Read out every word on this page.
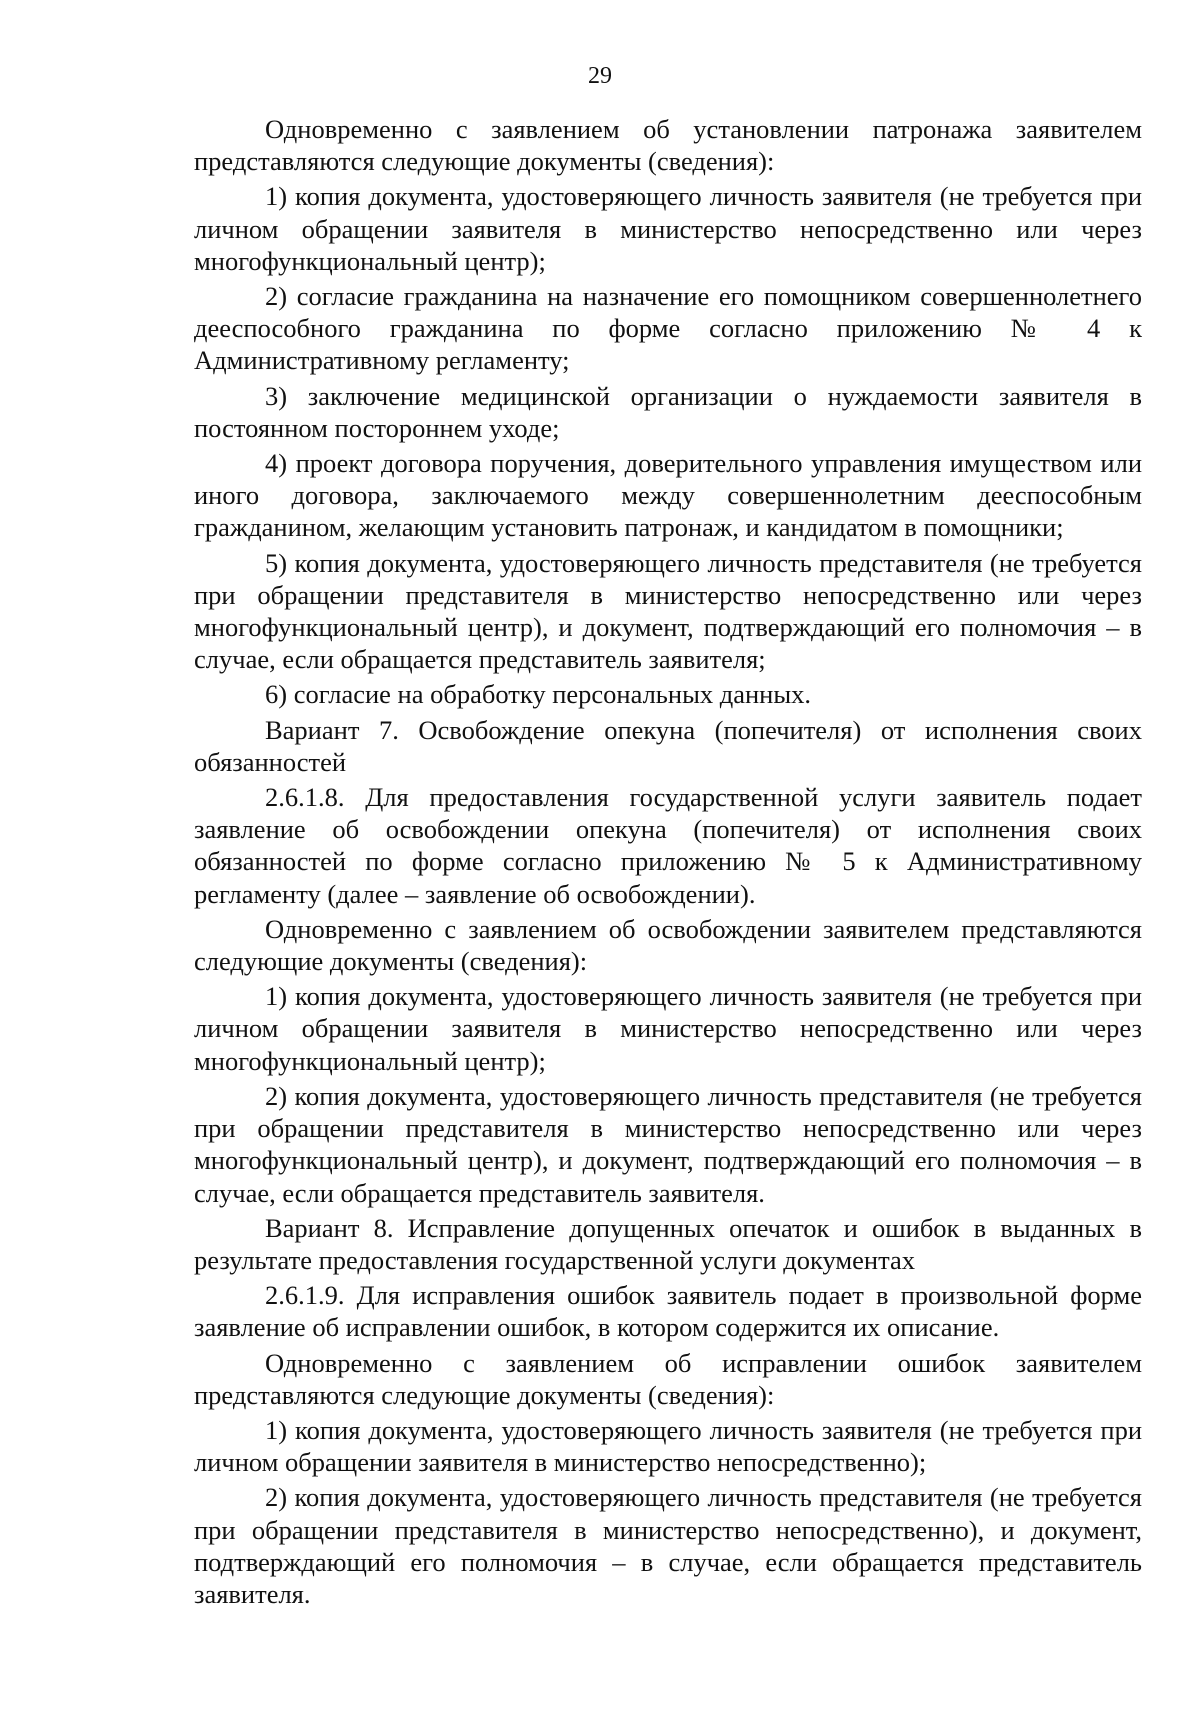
29

Одновременно с заявлением об установлении патронажа заявителем представляются следующие документы (сведения):

1) копия документа, удостоверяющего личность заявителя (не требуется при личном обращении заявителя в министерство непосредственно или через многофункциональный центр);

2) согласие гражданина на назначение его помощником совершеннолетнего дееспособного гражданина по форме согласно приложению № 4 к Административному регламенту;

3) заключение медицинской организации о нуждаемости заявителя в постоянном постороннем уходе;

4) проект договора поручения, доверительного управления имуществом или иного договора, заключаемого между совершеннолетним дееспособным гражданином, желающим установить патронаж, и кандидатом в помощники;

5) копия документа, удостоверяющего личность представителя (не требуется при обращении представителя в министерство непосредственно или через многофункциональный центр), и документ, подтверждающий его полномочия – в случае, если обращается представитель заявителя;

6) согласие на обработку персональных данных.

Вариант 7. Освобождение опекуна (попечителя) от исполнения своих обязанностей

2.6.1.8. Для предоставления государственной услуги заявитель подает заявление об освобождении опекуна (попечителя) от исполнения своих обязанностей по форме согласно приложению № 5 к Административному регламенту (далее – заявление об освобождении).

Одновременно с заявлением об освобождении заявителем представляются следующие документы (сведения):

1) копия документа, удостоверяющего личность заявителя (не требуется при личном обращении заявителя в министерство непосредственно или через многофункциональный центр);

2) копия документа, удостоверяющего личность представителя (не требуется при обращении представителя в министерство непосредственно или через многофункциональный центр), и документ, подтверждающий его полномочия – в случае, если обращается представитель заявителя.

Вариант 8. Исправление допущенных опечаток и ошибок в выданных в результате предоставления государственной услуги документах

2.6.1.9. Для исправления ошибок заявитель подает в произвольной форме заявление об исправлении ошибок, в котором содержится их описание.

Одновременно с заявлением об исправлении ошибок заявителем представляются следующие документы (сведения):

1) копия документа, удостоверяющего личность заявителя (не требуется при личном обращении заявителя в министерство непосредственно);

2) копия документа, удостоверяющего личность представителя (не требуется при обращении представителя в министерство непосредственно), и документ, подтверждающий его полномочия – в случае, если обращается представитель заявителя.
